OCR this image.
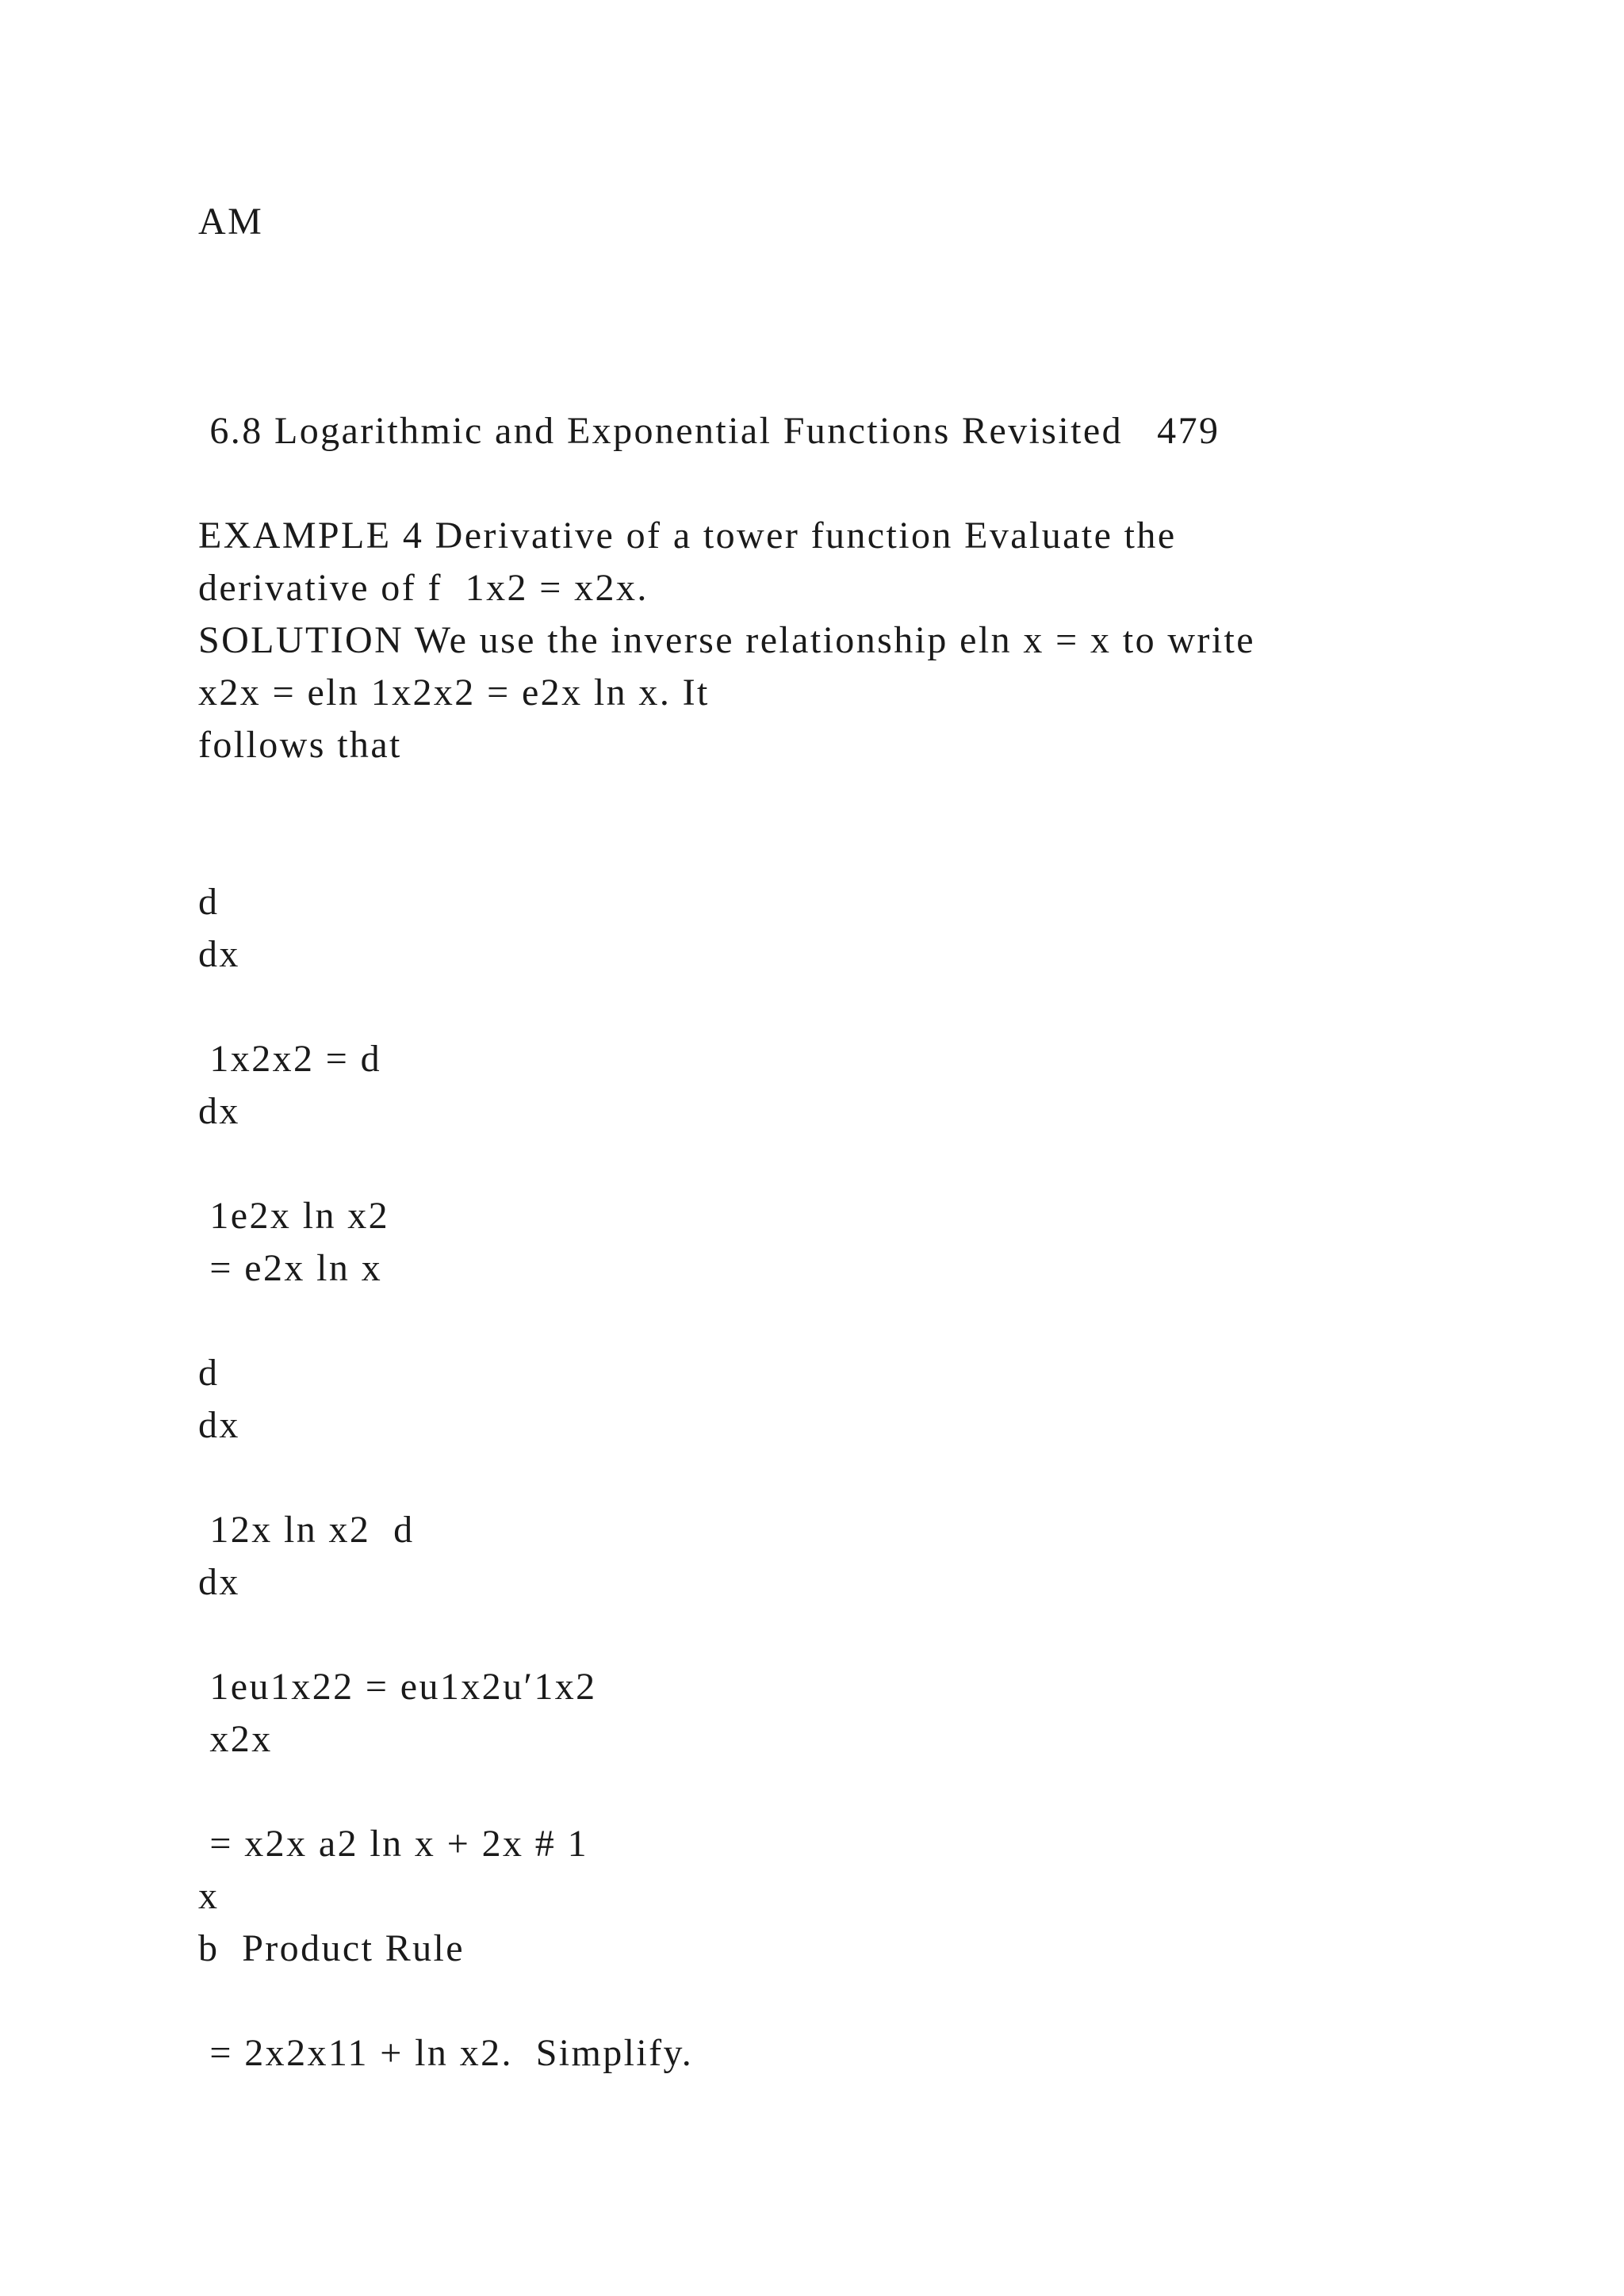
AM
6.8 Logarithmic and Exponential Functions Revisited   479
EXAMPLE 4 Derivative of a tower function Evaluate the
derivative of f  1x2 = x2x.
SOLUTION We use the inverse relationship eln x = x to write
x2x = eln 1x2x2 = e2x ln x. It
follows that
d
dx
1x2x2 = d
dx
1e2x ln x2
= e2x ln x
d
dx
12x ln x2  d
dx
1eu1x22 = eu1x2u′1x2
x2x
= x2x a2 ln x + 2x # 1
x
b  Product Rule
= 2x2x11 + ln x2.  Simplify.
